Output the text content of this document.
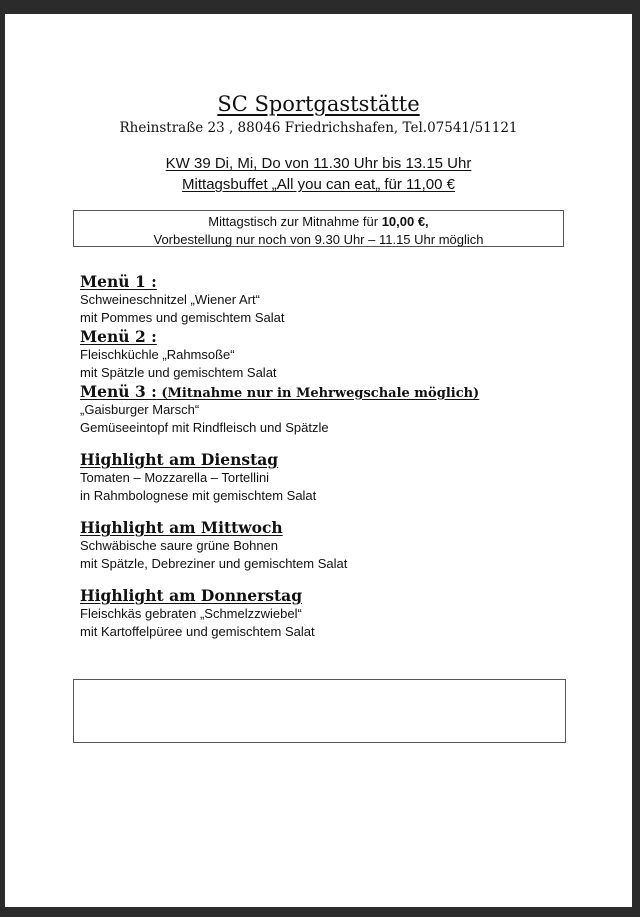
SC Sportgaststätte
Rheinstraße 23 , 88046 Friedrichshafen, Tel.07541/51121
KW 39 Di, Mi, Do von 11.30 Uhr bis 13.15 Uhr
Mittagsbuffet „All you can eat„ für 11,00 €
Mittagstisch zur Mitnahme für 10,00 €,
Vorbestellung nur noch von 9.30 Uhr – 11.15 Uhr möglich
Menü 1 :
Schweineschnitzel „Wiener Art“
mit Pommes und gemischtem Salat
Menü 2 :
Fleischküchle „Rahmsoße“
mit Spätzle und gemischtem Salat
Menü 3 : (Mitnahme nur in Mehrwegschale möglich)
„Gaisburger Marsch“
Gemüseeintopf mit Rindfleisch und Spätzle
Highlight am Dienstag
Tomaten – Mozzarella – Tortellini
in Rahmbolognese mit gemischtem Salat
Highlight am Mittwoch
Schwäbische saure grüne Bohnen
mit Spätzle, Debreziner und gemischtem Salat
Highlight am Donnerstag
Fleischkäs gebraten „Schmelzzwiebel“
mit Kartoffelpüree und gemischtem Salat
